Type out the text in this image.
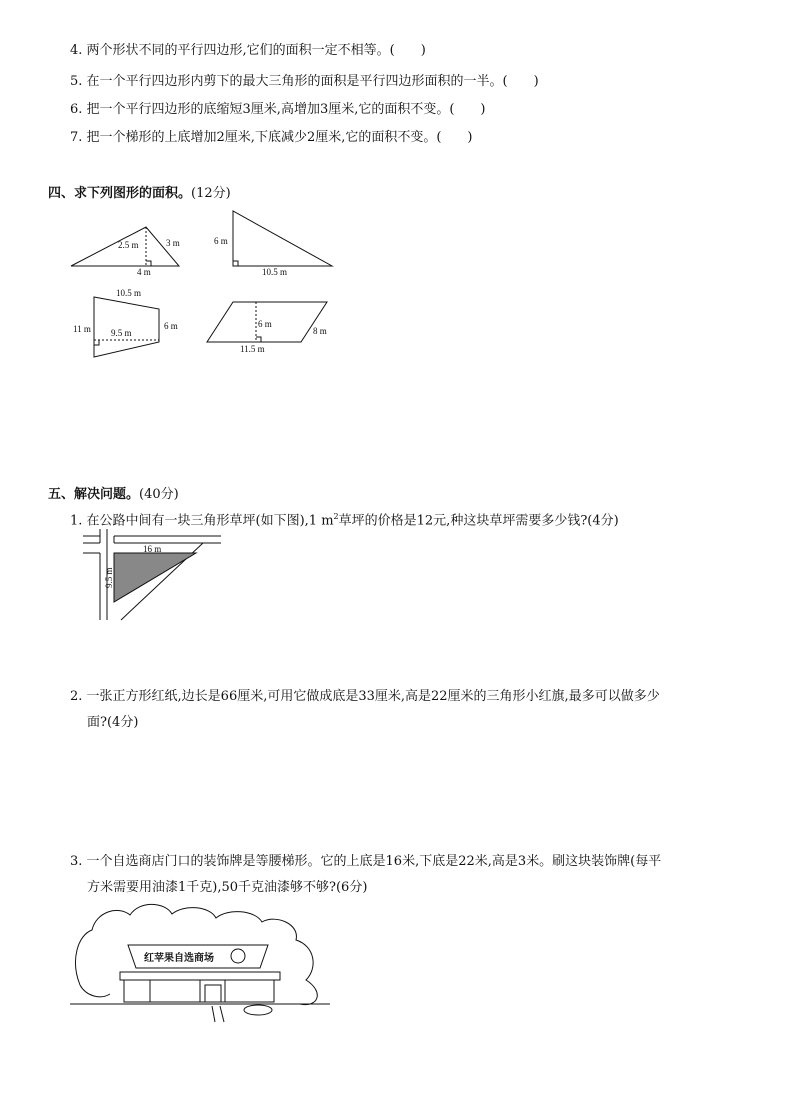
4. 两个形状不同的平行四边形,它们的面积一定不相等。(　　)
5. 在一个平行四边形内剪下的最大三角形的面积是平行四边形面积的一半。(　　)
6. 把一个平行四边形的底缩短3厘米,高增加3厘米,它的面积不变。(　　)
7. 把一个梯形的上底增加2厘米,下底减少2厘米,它的面积不变。(　　)
四、求下列图形的面积。(12分)
2.5 m	3 m
4 m
6 m
10.5 m
10.5 m
11 m 9.5 m
6 m	6 m
8 m
11.5 m
16 m
9.5 m
红苹果自选商场
五、解决问题。(40分)
1. 在公路中间有一块三角形草坪(如下图),1 $m^2$草坪的价格是12元,种这块草坪需要多少钱?(4分)
2. 一张正方形红纸,边长是66厘米,可用它做成底是33厘米,高是22厘米的三角形小红旗,最多可以做多少
面?(4分)
3. 一个自选商店门口的装饰牌是等腰梯形。它的上底是16米,下底是22米,高是3米。刷这块装饰牌(每平
方米需要用油漆1千克),50千克油漆够不够?(6分)
